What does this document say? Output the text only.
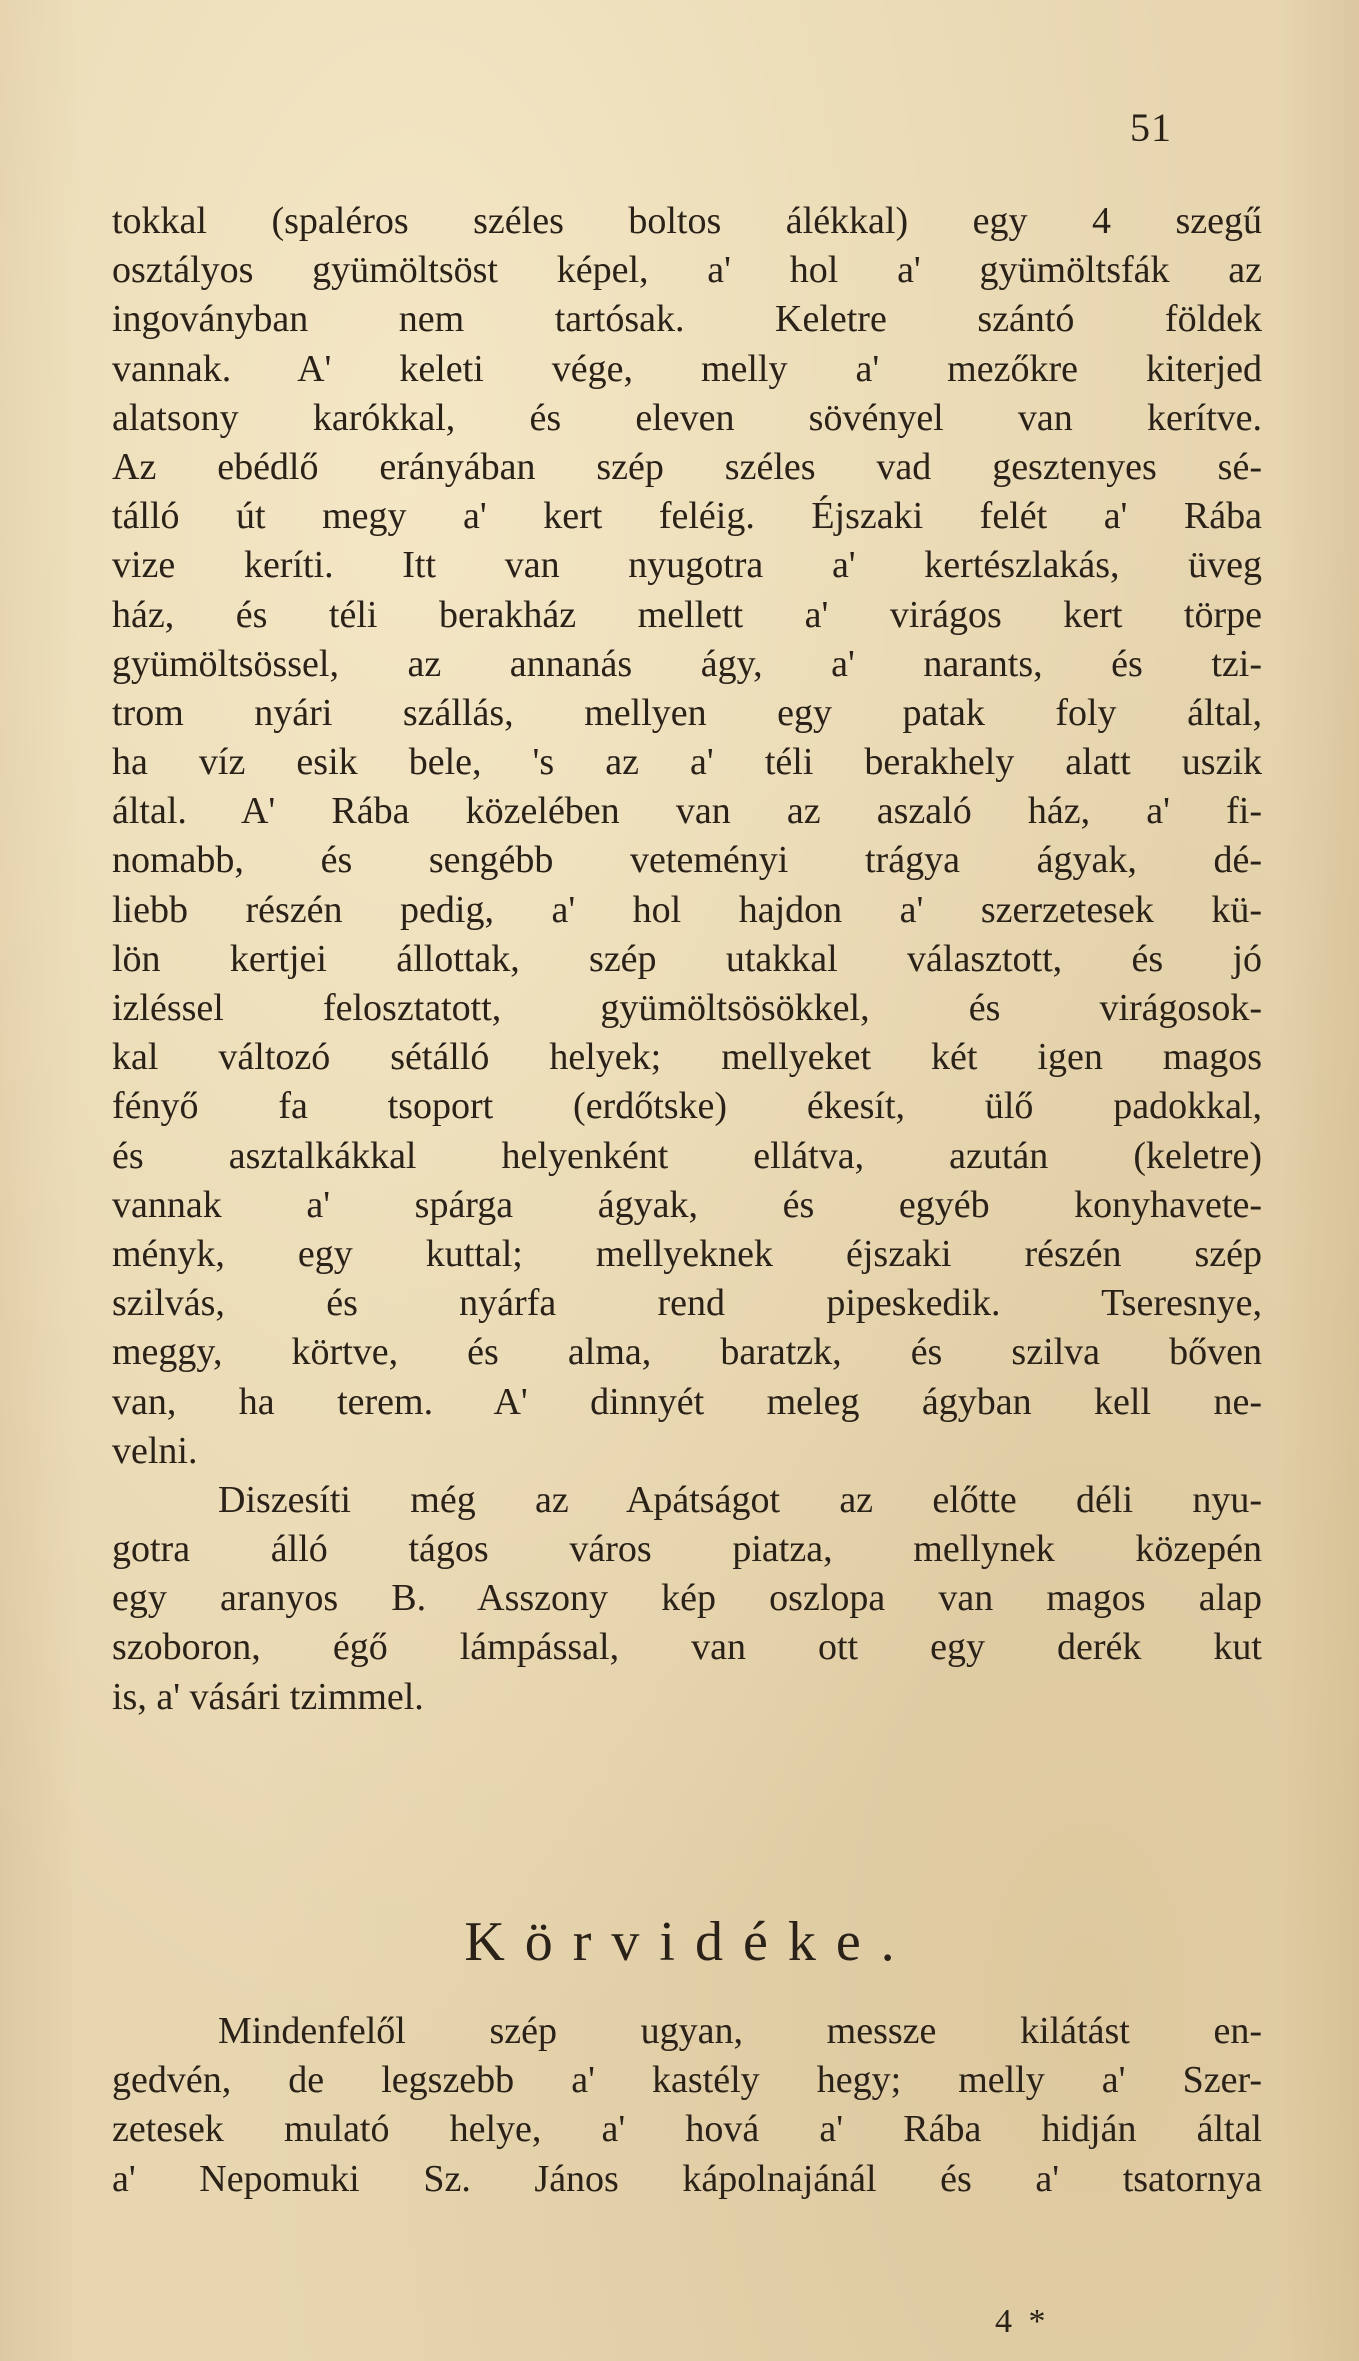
51
tokkal (spaléros széles boltos álékkal) egy 4 szegű
osztályos gyümöltsöst képel, a' hol a' gyümöltsfák az
ingoványban nem tartósak. Keletre szántó földek
vannak. A' keleti vége, melly a' mezőkre kiterjed
alatsony karókkal, és eleven sövényel van kerítve.
Az ebédlő erányában szép széles vad gesztenyes sé-
tálló út megy a' kert feléig. Éjszaki felét a' Rába
vize keríti. Itt van nyugotra a' kertészlakás, üveg
ház, és téli berakház mellett a' virágos kert törpe
gyümöltsössel, az annanás ágy, a' narants, és tzi-
trom nyári szállás, mellyen egy patak foly által,
ha víz esik bele, 's az a' téli berakhely alatt uszik
által. A' Rába közelében van az aszaló ház, a' fi-
nomabb, és sengébb veteményi trágya ágyak, dé-
liebb részén pedig, a' hol hajdon a' szerzetesek kü-
lön kertjei állottak, szép utakkal választott, és jó
izléssel felosztatott, gyümöltsösökkel, és virágosok-
kal változó sétálló helyek; mellyeket két igen magos
fényő fa tsoport (erdőtske) ékesít, ülő padokkal,
és asztalkákkal helyenként ellátva, azután (keletre)
vannak a' spárga ágyak, és egyéb konyhavete-
ményk, egy kuttal; mellyeknek éjszaki részén szép
szilvás, és nyárfa rend pipeskedik. Tseresnye,
meggy, körtve, és alma, baratzk, és szilva bőven
van, ha terem. A' dinnyét meleg ágyban kell ne-
velni.
Diszesíti még az Apátságot az előtte déli nyu-
gotra álló tágos város piatza, mellynek közepén
egy aranyos B. Asszony kép oszlopa van magos alap
szoboron, égő lámpással, van ott egy derék kut
is, a' vásári tzimmel.
Körvidéke.
Mindenfelől szép ugyan, messze kilátást en-
gedvén, de legszebb a' kastély hegy; melly a' Szer-
zetesek mulató helye, a' hová a' Rába hidján által
a' Nepomuki Sz. János kápolnajánál és a' tsatornya
4 *
